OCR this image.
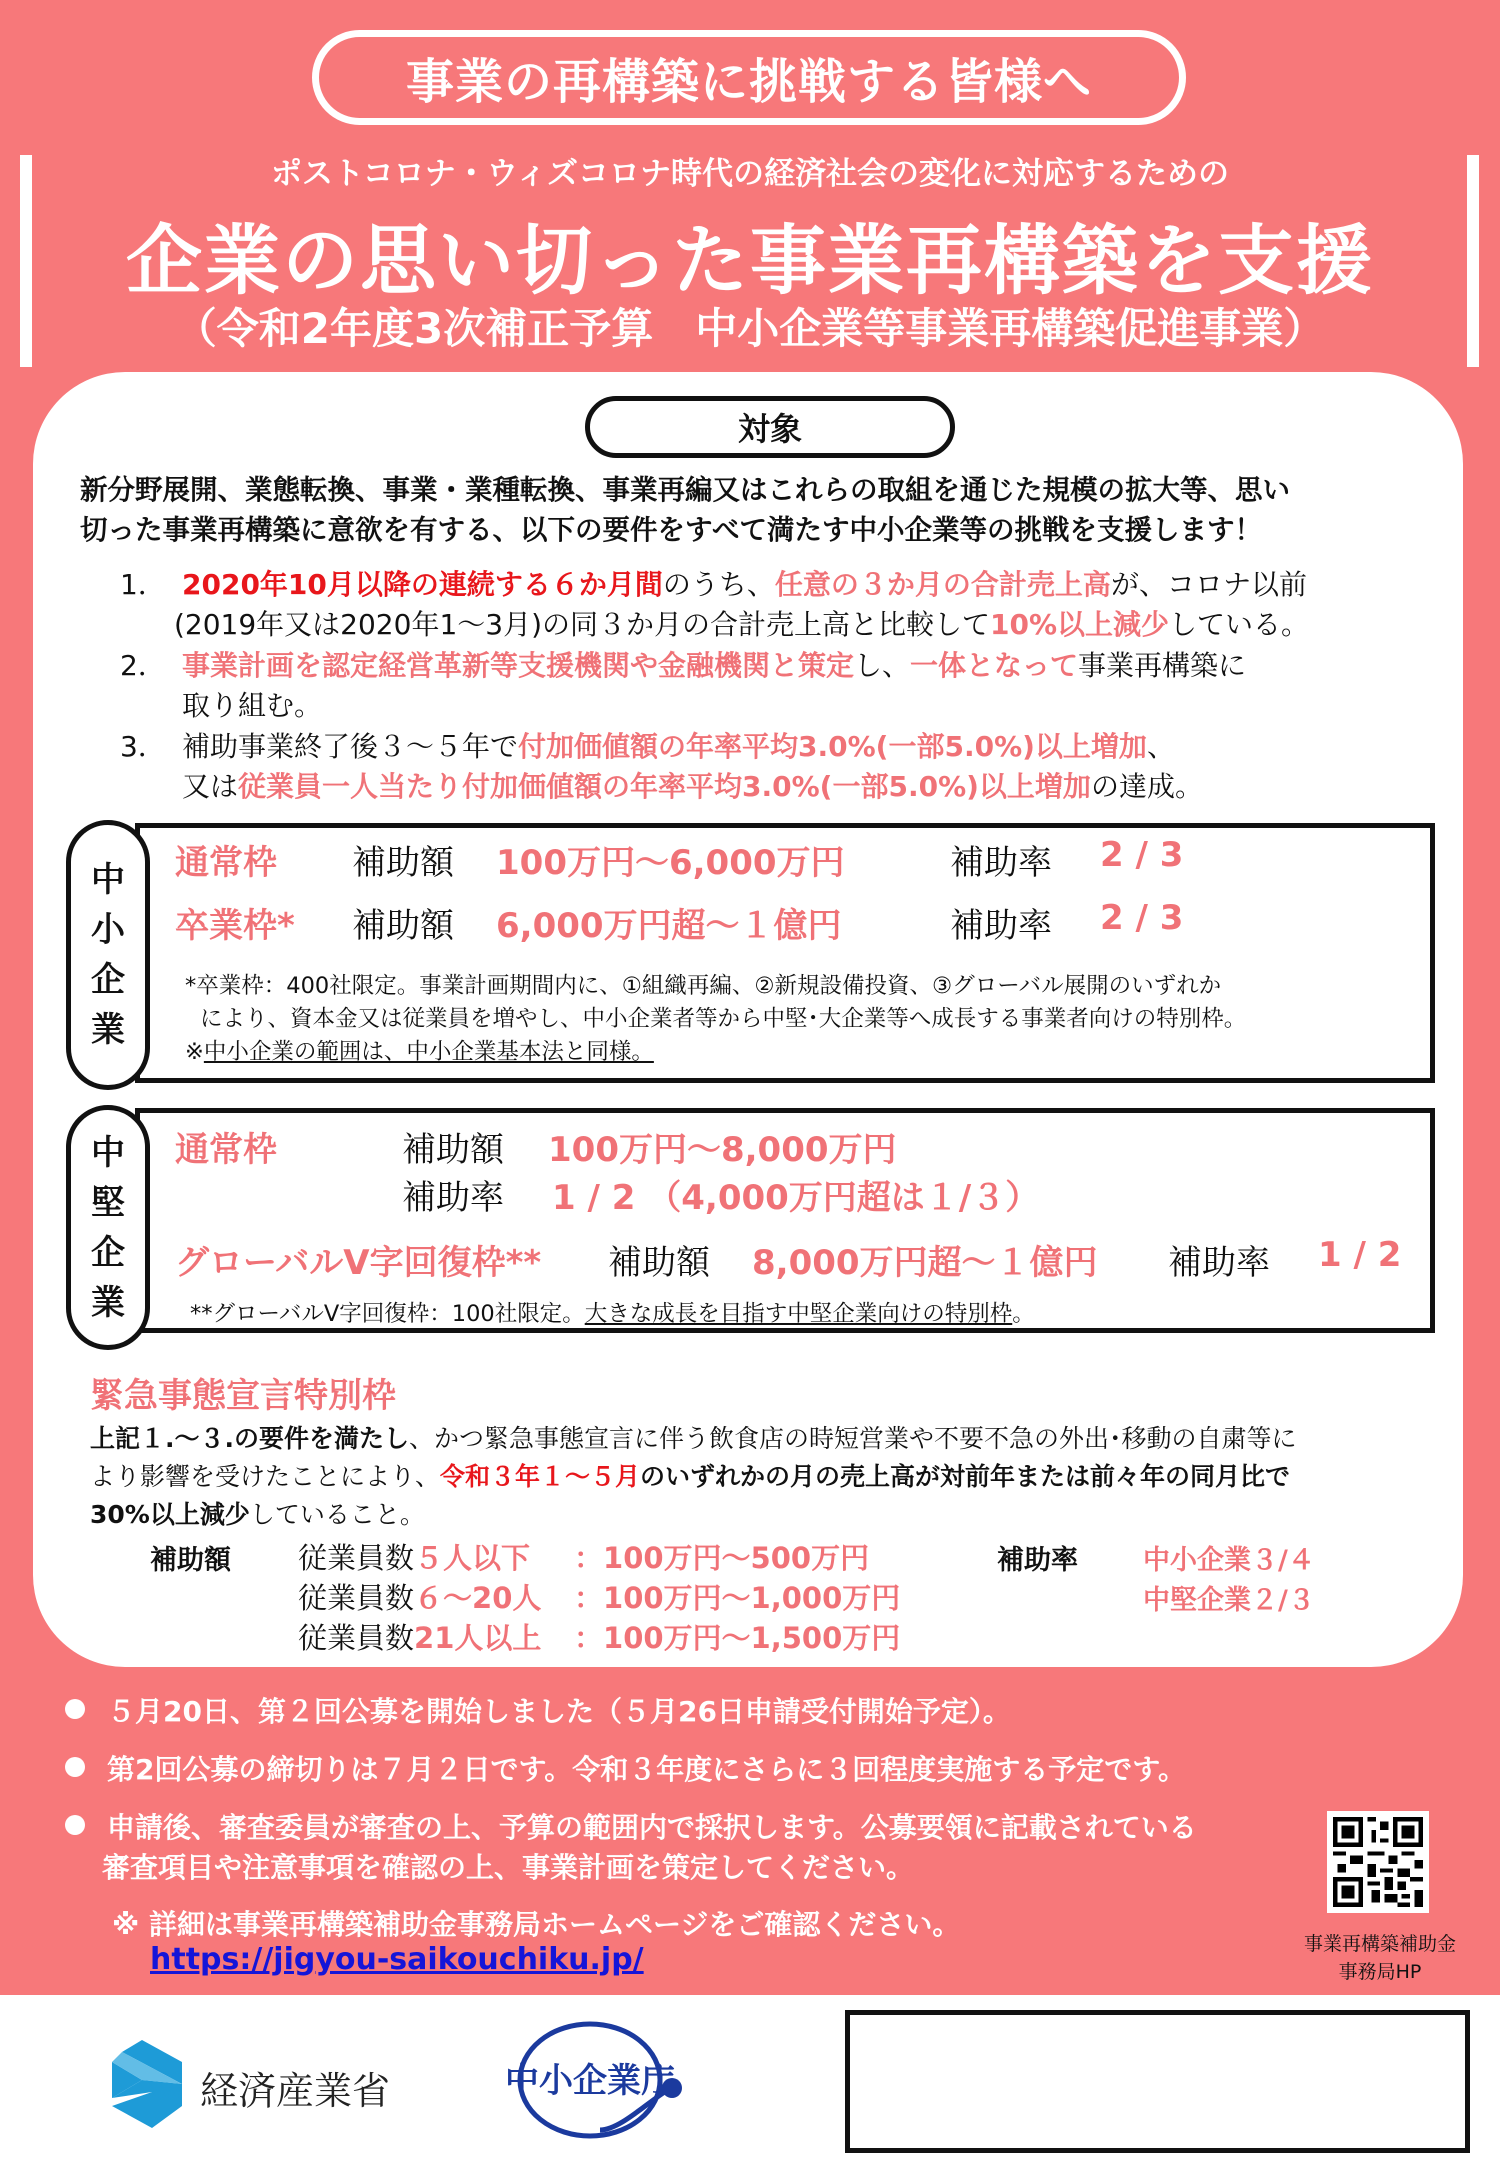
事業の再構築に挑戦する皆様へ
ポストコロナ・ウィズコロナ時代の経済社会の変化に対応するための
企業の思い切った事業再構築を支援
（令和2年度3次補正予算　中小企業等事業再構築促進事業）
対象
新分野展開、業態転換、事業・業種転換、事業再編又はこれらの取組を通じた規模の拡大等、思い
切った事業再構築に意欲を有する、以下の要件をすべて満たす中小企業等の挑戦を支援します！
1． 2020年10月以降の連続する６か月間のうち、任意の３か月の合計売上高が、コロナ以前
(2019年又は2020年1～3月)の同３か月の合計売上高と比較して10%以上減少している。
2． 事業計画を認定経営革新等支援機関や金融機関と策定し、一体となって事業再構築に
取り組む。
3． 補助事業終了後３～５年で付加価値額の年率平均3.0%(一部5.0%)以上増加、
又は従業員一人当たり付加価値額の年率平均3.0%(一部5.0%)以上増加の達成。
中
小
企
業
通常枠 補助額 100万円～6,000万円	補助率 2 / 3
卒業枠* 補助額 6,000万円超～１億円	補助率 2 / 3
*卒業枠：400社限定。事業計画期間内に、①組織再編、②新規設備投資、③グローバル展開のいずれか
により、資本金又は従業員を増やし、中小企業者等から中堅･大企業等へ成長する事業者向けの特別枠。
※中小企業の範囲は、中小企業基本法と同様。
中
堅
企
業
通常枠	補助額 100万円～8,000万円
補助率 1 / 2 （4,000万円超は１/３）
グローバルV字回復枠** 補助額 8,000万円超～１億円 補助率 1 / 2
**グローバルV字回復枠：100社限定。大きな成長を目指す中堅企業向けの特別枠。
緊急事態宣言特別枠
上記１.～３.の要件を満たし、かつ緊急事態宣言に伴う飲食店の時短営業や不要不急の外出･移動の自粛等に
より影響を受けたことにより、令和３年１～５月のいずれかの月の売上高が対前年または前々年の同月比で
30%以上減少していること。
補助額 従業員数５人以下 ：100万円～500万円
従業員数６～20人 ：100万円～1,000万円
従業員数21人以上 ：100万円～1,500万円
補助率 中小企業３/４
中堅企業２/３
５月20日、第２回公募を開始しました（５月26日申請受付開始予定）。
第2回公募の締切りは７月２日です。令和３年度にさらに３回程度実施する予定です。
申請後、審査委員が審査の上、予算の範囲内で採択します。公募要領に記載されている
審査項目や注意事項を確認の上、事業計画を策定してください。
※ 詳細は事業再構築補助金事務局ホームページをご確認ください。
https://jigyou-saikouchiku.jp/	事業再構築補助金
事務局HP
経済産業省	中小企業庁
